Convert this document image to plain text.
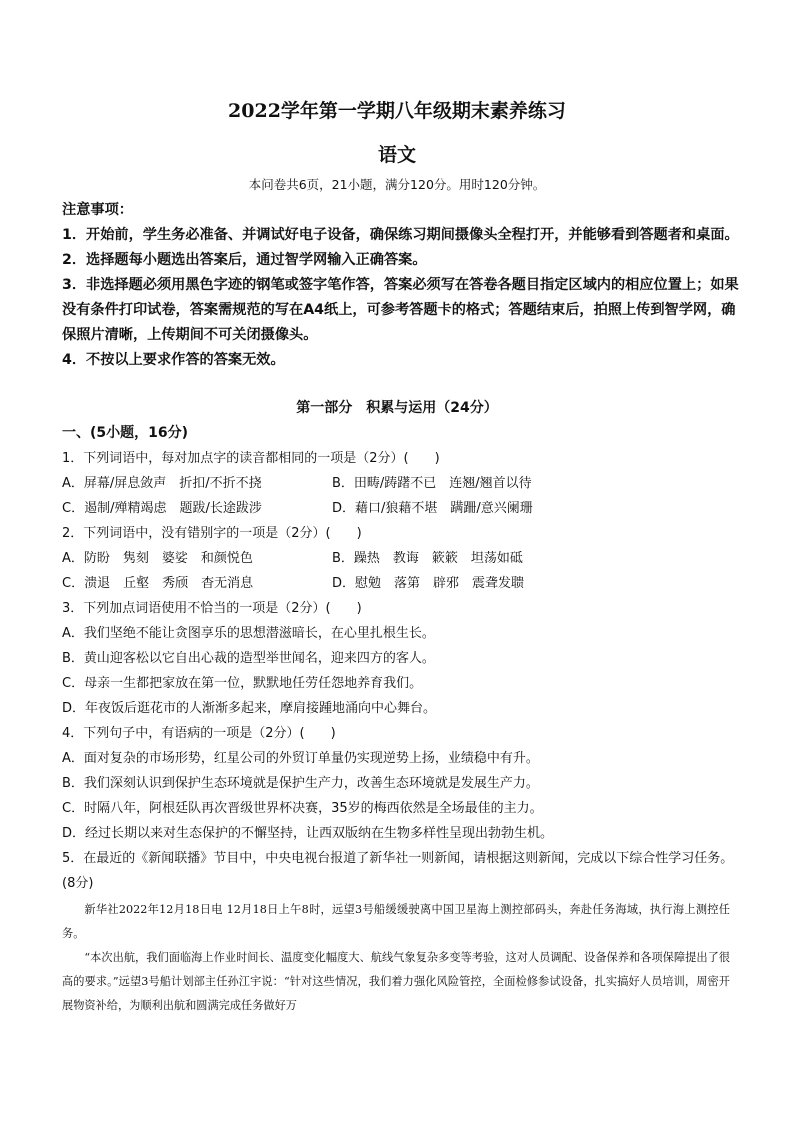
2022学年第一学期八年级期末素养练习
语文
本问卷共6页，21小题，满分120分。用时120分钟。

注意事项：

1．开始前，学生务必准备、并调试好电子设备，确保练习期间摄像头全程打开，并能够看到答题者和桌面。

2．选择题每小题选出答案后，通过智学网输入正确答案。

3．非选择题必须用黑色字迹的钢笔或签字笔作答，答案必须写在答卷各题目指定区域内的相应位置上；如果没有条件打印试卷，答案需规范的写在A4纸上，可参考答题卡的格式；答题结束后，拍照上传到智学网，确保照片清晰，上传期间不可关闭摄像头。

4．不按以上要求作答的答案无效。

第一部分　积累与运用（24分）
一、(5小题，16分)

1．下列词语中，每对加点字的读音都相同的一项是（2分）(　　)

A．屏幕/屏息敛声　折扣/不折不挠	B．田畴/踌躇不已　连翘/翘首以待
C．遏制/殚精竭虑　题跋/长途跋涉	D．藉口/狼藉不堪　蹒跚/意兴阑珊

2．下列词语中，没有错别字的一项是（2分）(　　)

A．防盼　隽刻　婆娑　和颜悦色	B．躁热　教诲　簌簌　坦荡如砥
C．溃退　丘壑　秀颀　杳无消息	D．慰勉　落第　辟邪　震聋发聩

3．下列加点词语使用不恰当的一项是（2分）(　　)

A．我们坚绝不能让贪图享乐的思想潜滋暗长，在心里扎根生长。

B．黄山迎客松以它自出心裁的造型举世闻名，迎来四方的客人。

C．母亲一生都把家放在第一位，默默地任劳任怨地养育我们。

D．年夜饭后逛花市的人渐渐多起来，摩肩接踵地涌向中心舞台。

4．下列句子中，有语病的一项是（2分）(　　)

A．面对复杂的市场形势，红星公司的外贸订单量仍实现逆势上扬，业绩稳中有升。

B．我们深刻认识到保护生态环境就是保护生产力，改善生态环境就是发展生产力。

C．时隔八年，阿根廷队再次晋级世界杯决赛，35岁的梅西依然是全场最佳的主力。

D．经过长期以来对生态保护的不懈坚持，让西双版纳在生物多样性呈现出勃勃生机。

5．在最近的《新闻联播》节目中，中央电视台报道了新华社一则新闻，请根据这则新闻，完成以下综合性学习任务。(8分)

新华社2022年12月18日电 12月18日上午8时，远望3号船缓缓驶离中国卫星海上测控部码头，奔赴任务海域，执行海上测控任务。

“本次出航，我们面临海上作业时间长、温度变化幅度大、航线气象复杂多变等考验，这对人员调配、设备保养和各项保障提出了很高的要求。”远望3号船计划部主任孙江宇说：“针对这些情况，我们着力强化风险管控，全面检修参试设备，扎实搞好人员培训，周密开展物资补给，为顺利出航和圆满完成任务做好万
